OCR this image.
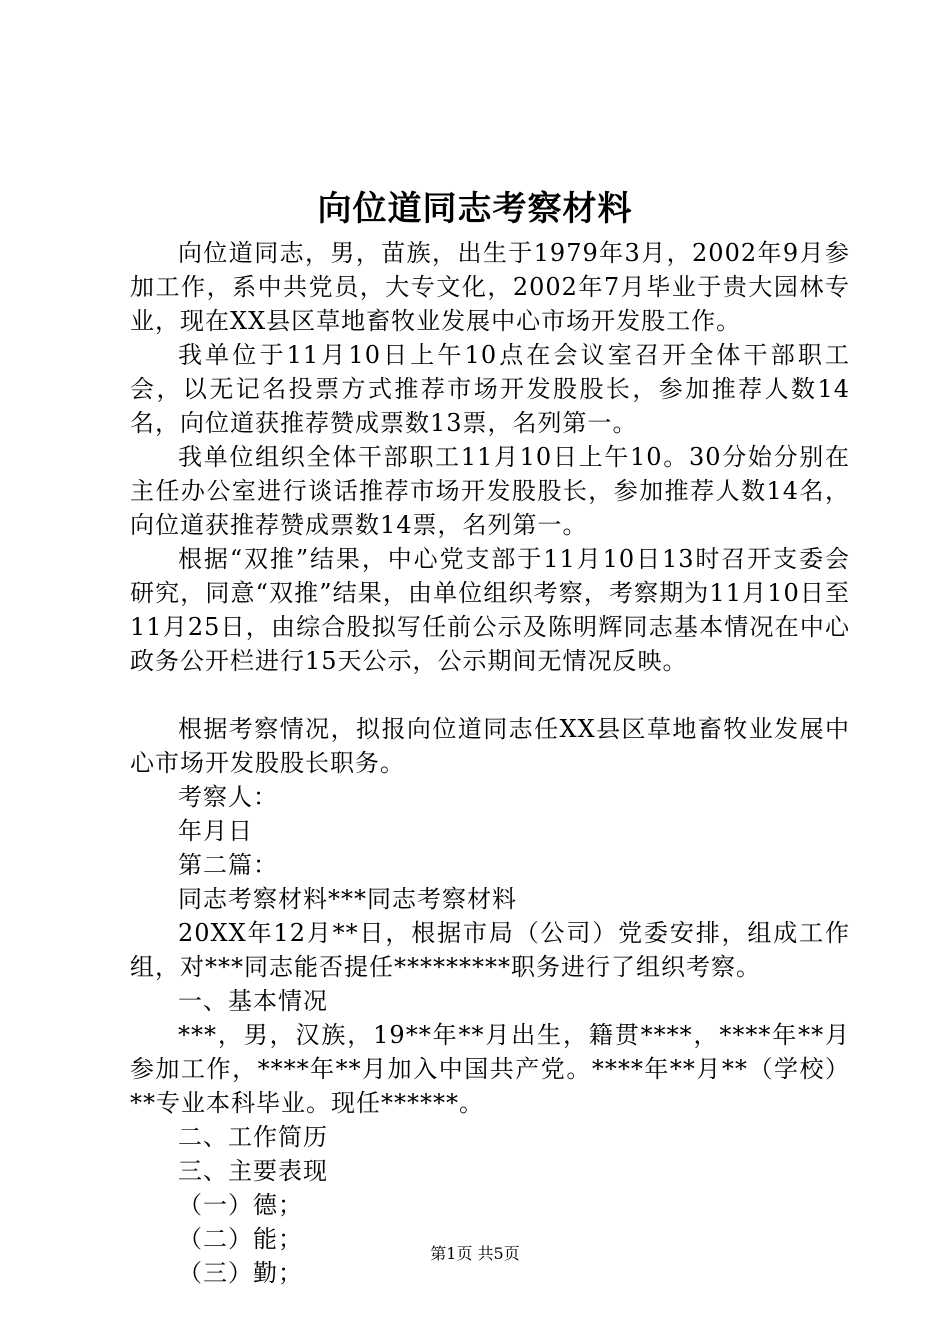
向位道同志考察材料

向位道同志，男，苗族，出生于1979年3月，2002年9月参加工作，系中共党员，大专文化，2002年7月毕业于贵大园林专业，现在XX县区草地畜牧业发展中心市场开发股工作。

我单位于11月10日上午10点在会议室召开全体干部职工会，以无记名投票方式推荐市场开发股股长，参加推荐人数14名，向位道获推荐赞成票数13票，名列第一。

我单位组织全体干部职工11月10日上午10。30分始分别在主任办公室进行谈话推荐市场开发股股长，参加推荐人数14名，向位道获推荐赞成票数14票，名列第一。

根据“双推”结果，中心党支部于11月10日13时召开支委会研究，同意“双推”结果，由单位组织考察，考察期为11月10日至11月25日，由综合股拟写任前公示及陈明辉同志基本情况在中心政务公开栏进行15天公示，公示期间无情况反映。

根据考察情况，拟报向位道同志任XX县区草地畜牧业发展中心市场开发股股长职务。

考察人：

年月日

第二篇：

同志考察材料***同志考察材料

20XX年12月**日，根据市局（公司）党委安排，组成工作组，对***同志能否提任*********职务进行了组织考察。

一、基本情况

***，男，汉族，19**年**月出生，籍贯****，****年**月参加工作，****年**月加入中国共产党。****年**月**（学校）**专业本科毕业。现任******。

二、工作简历

三、主要表现

（一）德；

（二）能；

（三）勤；

第1页 共5页
